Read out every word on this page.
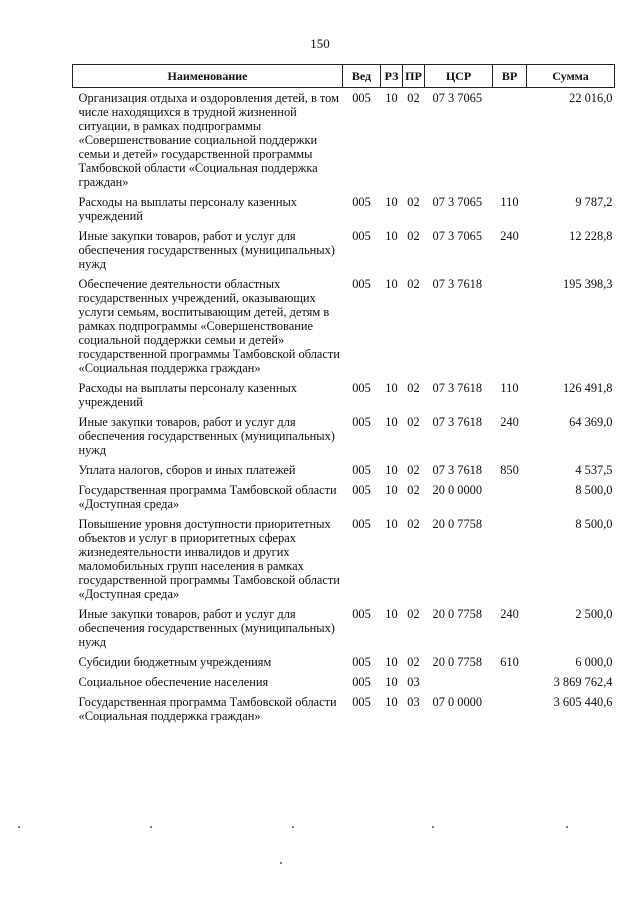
150
Наименование	Вед	РЗ	ПР	ЦСР	ВР	Сумма
Организация отдыха и оздоровления детей, в том числе находящихся в трудной жизненной ситуации, в рамках подпрограммы «Совершенствование социальной поддержки семьи и детей» государственной программы Тамбовской области «Социальная поддержка граждан»	005	10	02	07 3 7065		22 016,0
Расходы на выплаты персоналу казенных учреждений	005	10	02	07 3 7065	110	9 787,2
Иные закупки товаров, работ и услуг для обеспечения государственных (муниципальных) нужд	005	10	02	07 3 7065	240	12 228,8
Обеспечение деятельности областных государственных учреждений, оказывающих услуги семьям, воспитывающим детей, детям в рамках подпрограммы «Совершенствование социальной поддержки семьи и детей» государственной программы Тамбовской области «Социальная поддержка граждан»	005	10	02	07 3 7618		195 398,3
Расходы на выплаты персоналу казенных учреждений	005	10	02	07 3 7618	110	126 491,8
Иные закупки товаров, работ и услуг для обеспечения государственных (муниципальных) нужд	005	10	02	07 3 7618	240	64 369,0
Уплата налогов, сборов и иных платежей	005	10	02	07 3 7618	850	4 537,5
Государственная программа Тамбовской области «Доступная среда»	005	10	02	20 0 0000		8 500,0
Повышение уровня доступности приоритетных объектов и услуг в приоритетных сферах жизнедеятельности инвалидов и других маломобильных групп населения в рамках государственной программы Тамбовской области «Доступная среда»	005	10	02	20 0 7758		8 500,0
Иные закупки товаров, работ и услуг для обеспечения государственных (муниципальных) нужд	005	10	02	20 0 7758	240	2 500,0
Субсидии бюджетным учреждениям	005	10	02	20 0 7758	610	6 000,0
Социальное обеспечение населения	005	10	03			3 869 762,4
Государственная программа Тамбовской области «Социальная поддержка граждан»	005	10	03	07 0 0000		3 605 440,6
